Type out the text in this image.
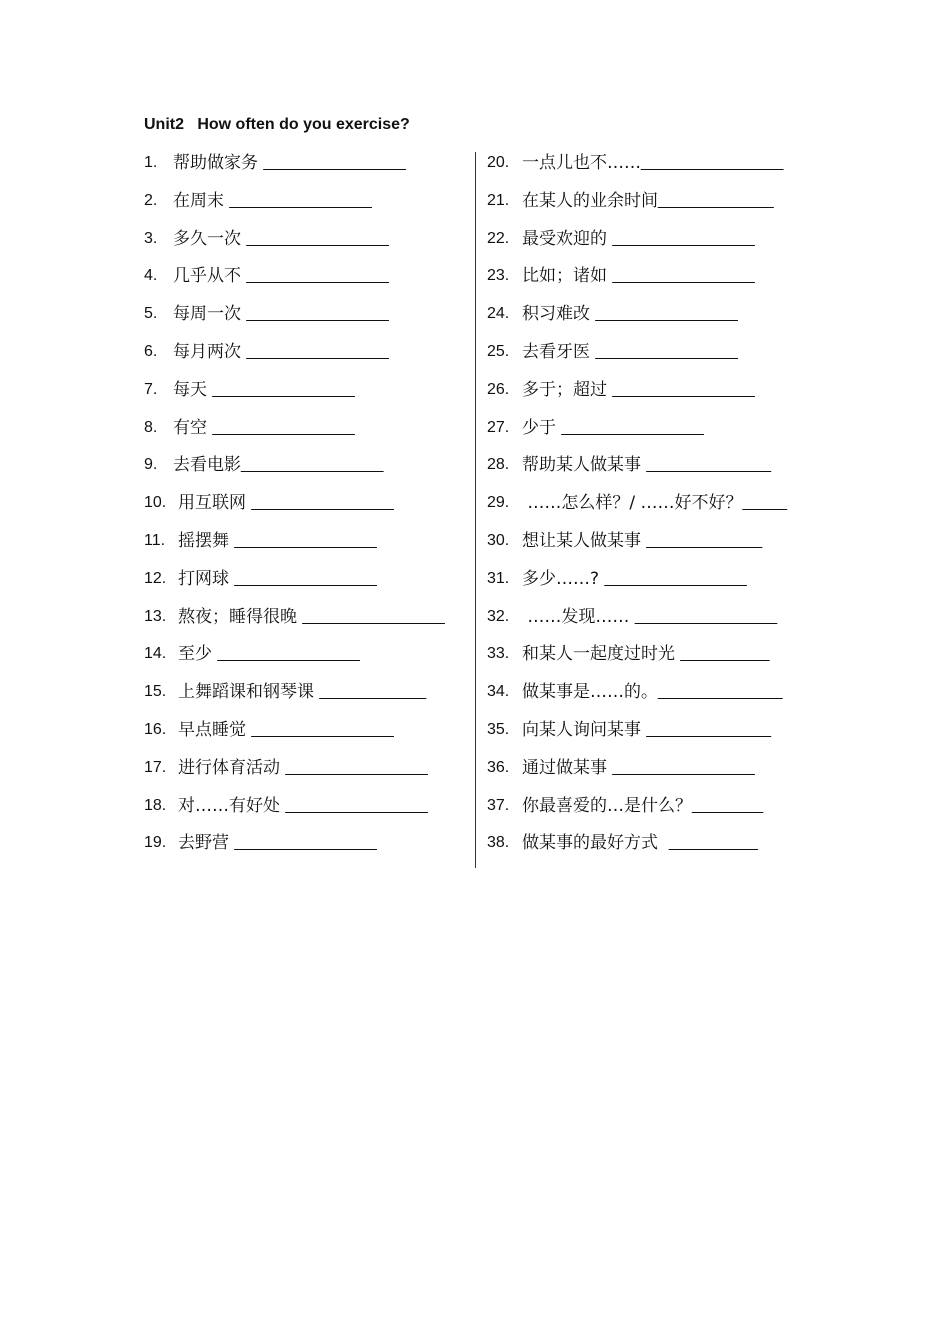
Unit2   How often do you exercise?
1. 帮助做家务 ________________
2. 在周末 ________________
3. 多久一次 ________________
4. 几乎从不 ________________
5. 每周一次 ________________
6. 每月两次 ________________
7. 每天 ________________
8. 有空 ________________
9. 去看电影 ________________
10. 用互联网 ________________
11. 摇摆舞 ________________
12. 打网球 ________________
13. 熬夜；睡得很晚 ________________
14. 至少 ________________
15. 上舞蹈课和钢琴课 ____________
16. 早点睡觉 ________________
17. 进行体育活动 ________________
18. 对……有好处 ________________
19. 去野营 ________________
20. 一点儿也不…… ________________
21. 在某人的业余时间 _____________
22. 最受欢迎的 ________________
23. 比如；诸如 ________________
24. 积习难改 ________________
25. 去看牙医 ________________
26. 多于；超过 ________________
27. 少于 ________________
28. 帮助某人做某事 ______________
29. ……怎么样？/ ……好不好？ _____
30. 想让某人做某事 _____________
31. 多少……? ________________
32. ……发现…… ________________
33. 和某人一起度过时光 __________
34. 做某事是……的。 ______________
35. 向某人询问某事 ______________
36. 通过做某事 ________________
37. 你最喜爱的…是什么？ ________
38. 做某事的最好方式 __________
